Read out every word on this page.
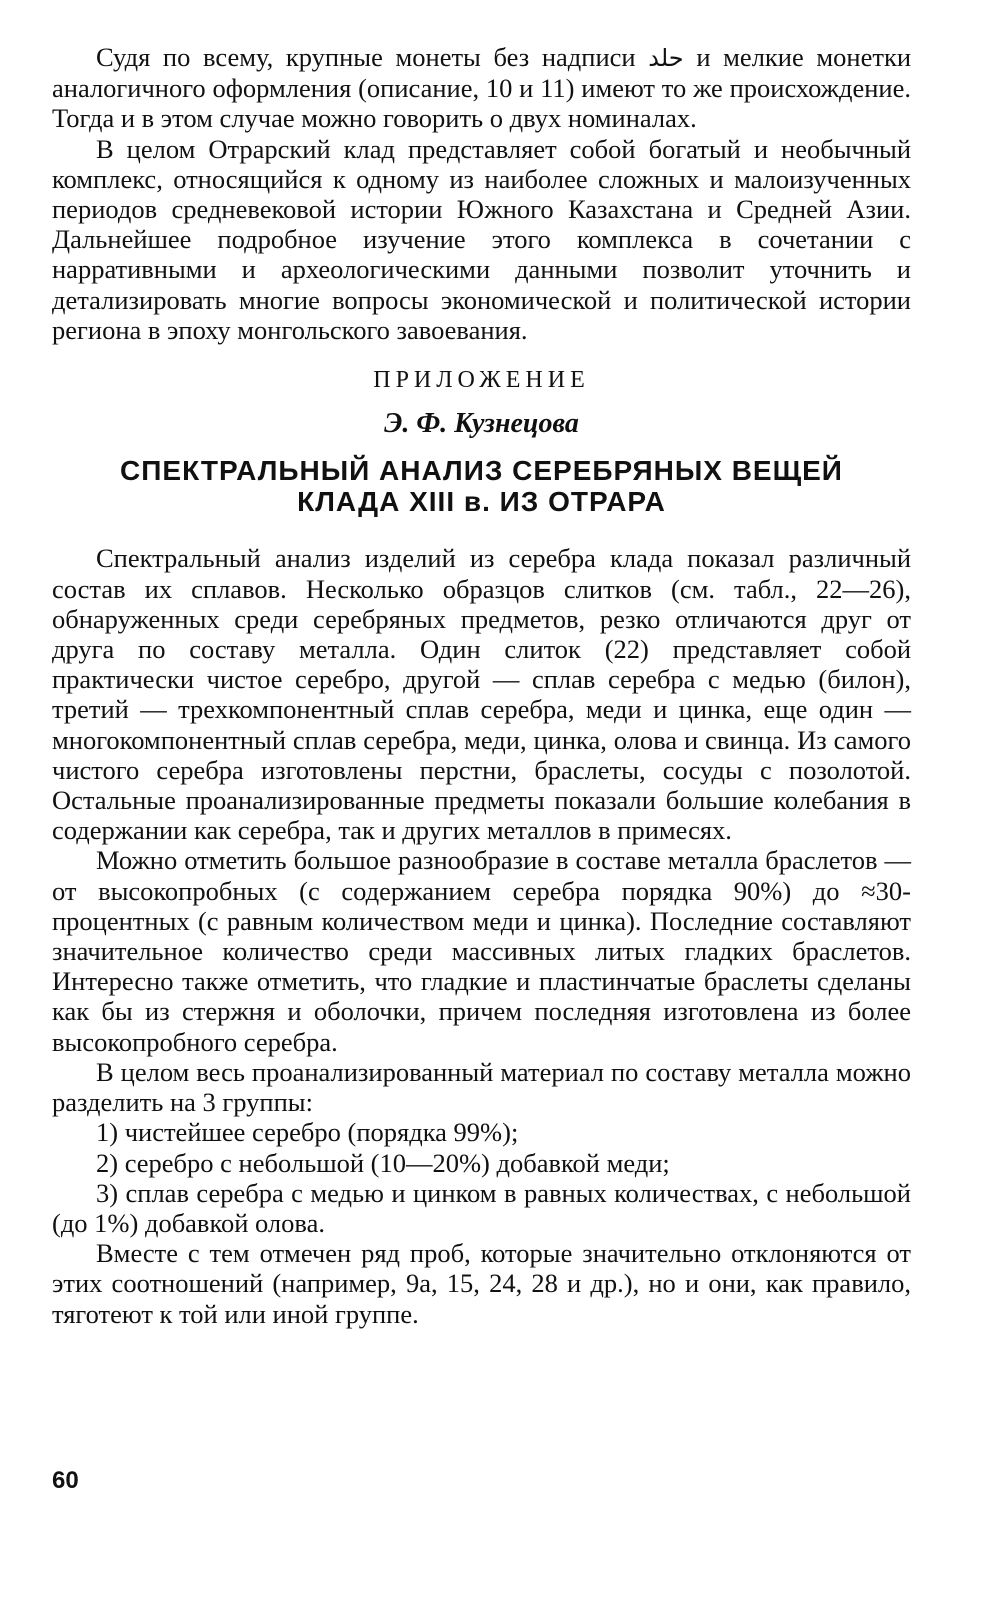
Судя по всему, крупные монеты без надписи حلد и мелкие монетки аналогичного оформления (описание, 10 и 11) имеют то же происхождение. Тогда и в этом случае можно говорить о двух номиналах.

В целом Отрарский клад представляет собой богатый и необычный комплекс, относящийся к одному из наиболее сложных и малоизученных периодов средневековой истории Южного Казахстана и Средней Азии. Дальнейшее подробное изучение этого комплекса в сочетании с нарративными и археологическими данными позволит уточнить и детализировать многие вопросы экономической и политической истории региона в эпоху монгольского завоевания.

ПРИЛОЖЕНИЕ
Э. Ф. Кузнецова
СПЕКТРАЛЬНЫЙ АНАЛИЗ СЕРЕБРЯНЫХ ВЕЩЕЙ
КЛАДА XIII в. ИЗ ОТРАРА

Спектральный анализ изделий из серебра клада показал различный состав их сплавов. Несколько образцов слитков (см. табл., 22—26), обнаруженных среди серебряных предметов, резко отличаются друг от друга по составу металла. Один слиток (22) представляет собой практически чистое серебро, другой — сплав серебра с медью (билон), третий — трехкомпонентный сплав серебра, меди и цинка, еще один — многокомпонентный сплав серебра, меди, цинка, олова и свинца. Из самого чистого серебра изготовлены перстни, браслеты, сосуды с позолотой. Остальные проанализированные предметы показали большие колебания в содержании как серебра, так и других металлов в примесях.

Можно отметить большое разнообразие в составе металла браслетов — от высокопробных (с содержанием серебра порядка 90%) до ≈30-процентных (с равным количеством меди и цинка). Последние составляют значительное количество среди массивных литых гладких браслетов. Интересно также отметить, что гладкие и пластинчатые браслеты сделаны как бы из стержня и оболочки, причем последняя изготовлена из более высокопробного серебра.

В целом весь проанализированный материал по составу металла можно разделить на 3 группы:

1) чистейшее серебро (порядка 99%);

2) серебро с небольшой (10—20%) добавкой меди;

3) сплав серебра с медью и цинком в равных количествах, с небольшой (до 1%) добавкой олова.

Вместе с тем отмечен ряд проб, которые значительно отклоняются от этих соотношений (например, 9а, 15, 24, 28 и др.), но и они, как правило, тяготеют к той или иной группе.

60
